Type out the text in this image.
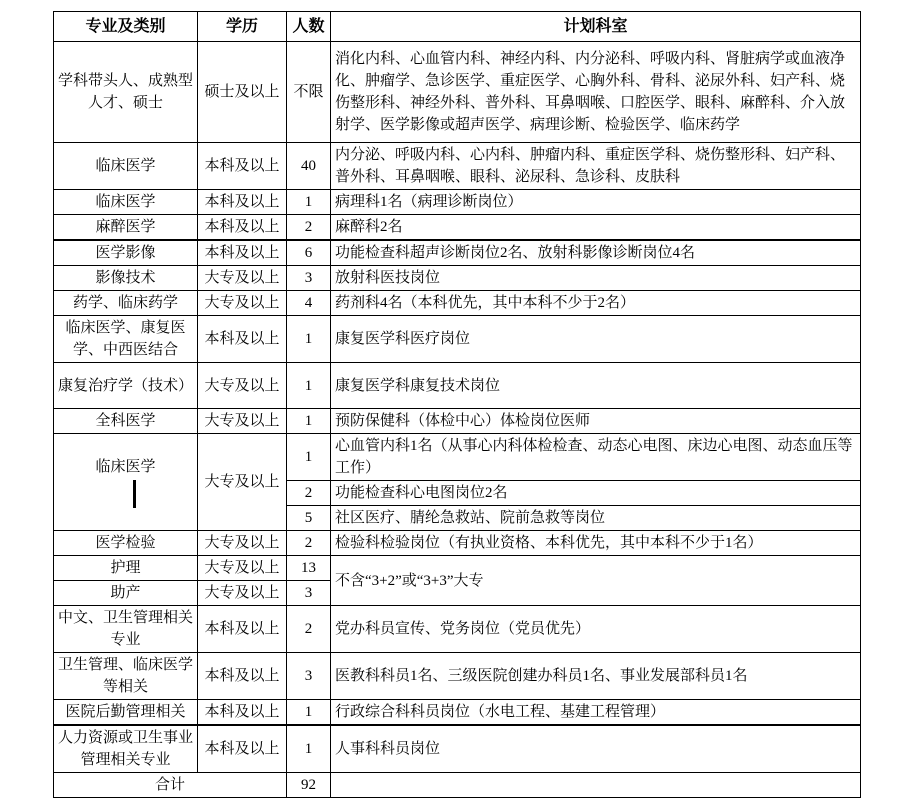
专业及类别	学历	人数	计划科室
学科带头人、成熟型人才、硕士	硕士及以上	不限	消化内科、心血管内科、神经内科、内分泌科、呼吸内科、肾脏病学或血液净化、肿瘤学、急诊医学、重症医学、心胸外科、骨科、泌尿外科、妇产科、烧伤整形科、神经外科、普外科、耳鼻咽喉、口腔医学、眼科、麻醉科、介入放射学、医学影像或超声医学、病理诊断、检验医学、临床药学
临床医学	本科及以上	40	内分泌、呼吸内科、心内科、肿瘤内科、重症医学科、烧伤整形科、妇产科、普外科、耳鼻咽喉、眼科、泌尿科、急诊科、皮肤科
临床医学	本科及以上	1	病理科1名（病理诊断岗位）
麻醉医学	本科及以上	2	麻醉科2名
医学影像	本科及以上	6	功能检查科超声诊断岗位2名、放射科影像诊断岗位4名
影像技术	大专及以上	3	放射科医技岗位
药学、临床药学	大专及以上	4	药剂科4名（本科优先，其中本科不少于2名）
临床医学、康复医学、中西医结合	本科及以上	1	康复医学科医疗岗位
康复治疗学（技术）	大专及以上	1	康复医学科康复技术岗位
全科医学	大专及以上	1	预防保健科（体检中心）体检岗位医师
临床医学	大专及以上	1	心血管内科1名（从事心内科体检检查、动态心电图、床边心电图、动态血压等工作）
		2	功能检查科心电图岗位2名
		5	社区医疗、腈纶急救站、院前急救等岗位
医学检验	大专及以上	2	检验科检验岗位（有执业资格、本科优先，其中本科不少于1名）
护理	大专及以上	13	不含“3+2”或“3+3”大专
助产	大专及以上	3	
中文、卫生管理相关专业	本科及以上	2	党办科员宣传、党务岗位（党员优先）
卫生管理、临床医学等相关	本科及以上	3	医教科科员1名、三级医院创建办科员1名、事业发展部科员1名
医院后勤管理相关	本科及以上	1	行政综合科科员岗位（水电工程、基建工程管理）
人力资源或卫生事业管理相关专业	本科及以上	1	人事科科员岗位
合计		92	
